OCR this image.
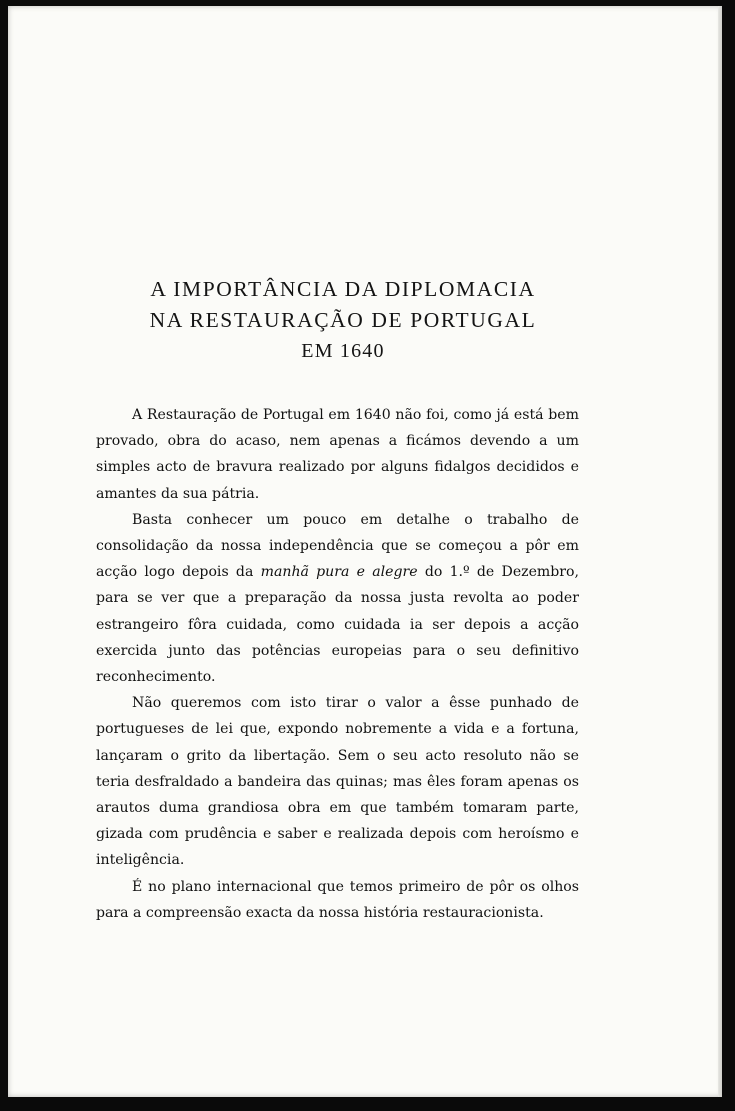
A IMPORTÂNCIA DA DIPLOMACIA

NA RESTAURAÇÃO DE PORTUGAL

EM 1640

A Restauração de Portugal em 1640 não foi, como já está bem provado, obra do acaso, nem apenas a ficámos devendo a um simples acto de bravura realizado por alguns fidalgos decididos e amantes da sua pátria.

Basta conhecer um pouco em detalhe o trabalho de consolidação da nossa independência que se começou a pôr em acção logo depois da manhã pura e alegre do 1.º de Dezembro, para se ver que a preparação da nossa justa revolta ao poder estrangeiro fôra cuidada, como cuidada ia ser depois a acção exercida junto das potências europeias para o seu definitivo reconhecimento.

Não queremos com isto tirar o valor a êsse punhado de portugueses de lei que, expondo nobremente a vida e a fortuna, lançaram o grito da libertação. Sem o seu acto resoluto não se teria desfraldado a bandeira das quinas; mas êles foram apenas os arautos duma grandiosa obra em que também tomaram parte, gizada com prudência e saber e realizada depois com heroísmo e inteligência.

É no plano internacional que temos primeiro de pôr os olhos para a compreensão exacta da nossa história restauracionista.
